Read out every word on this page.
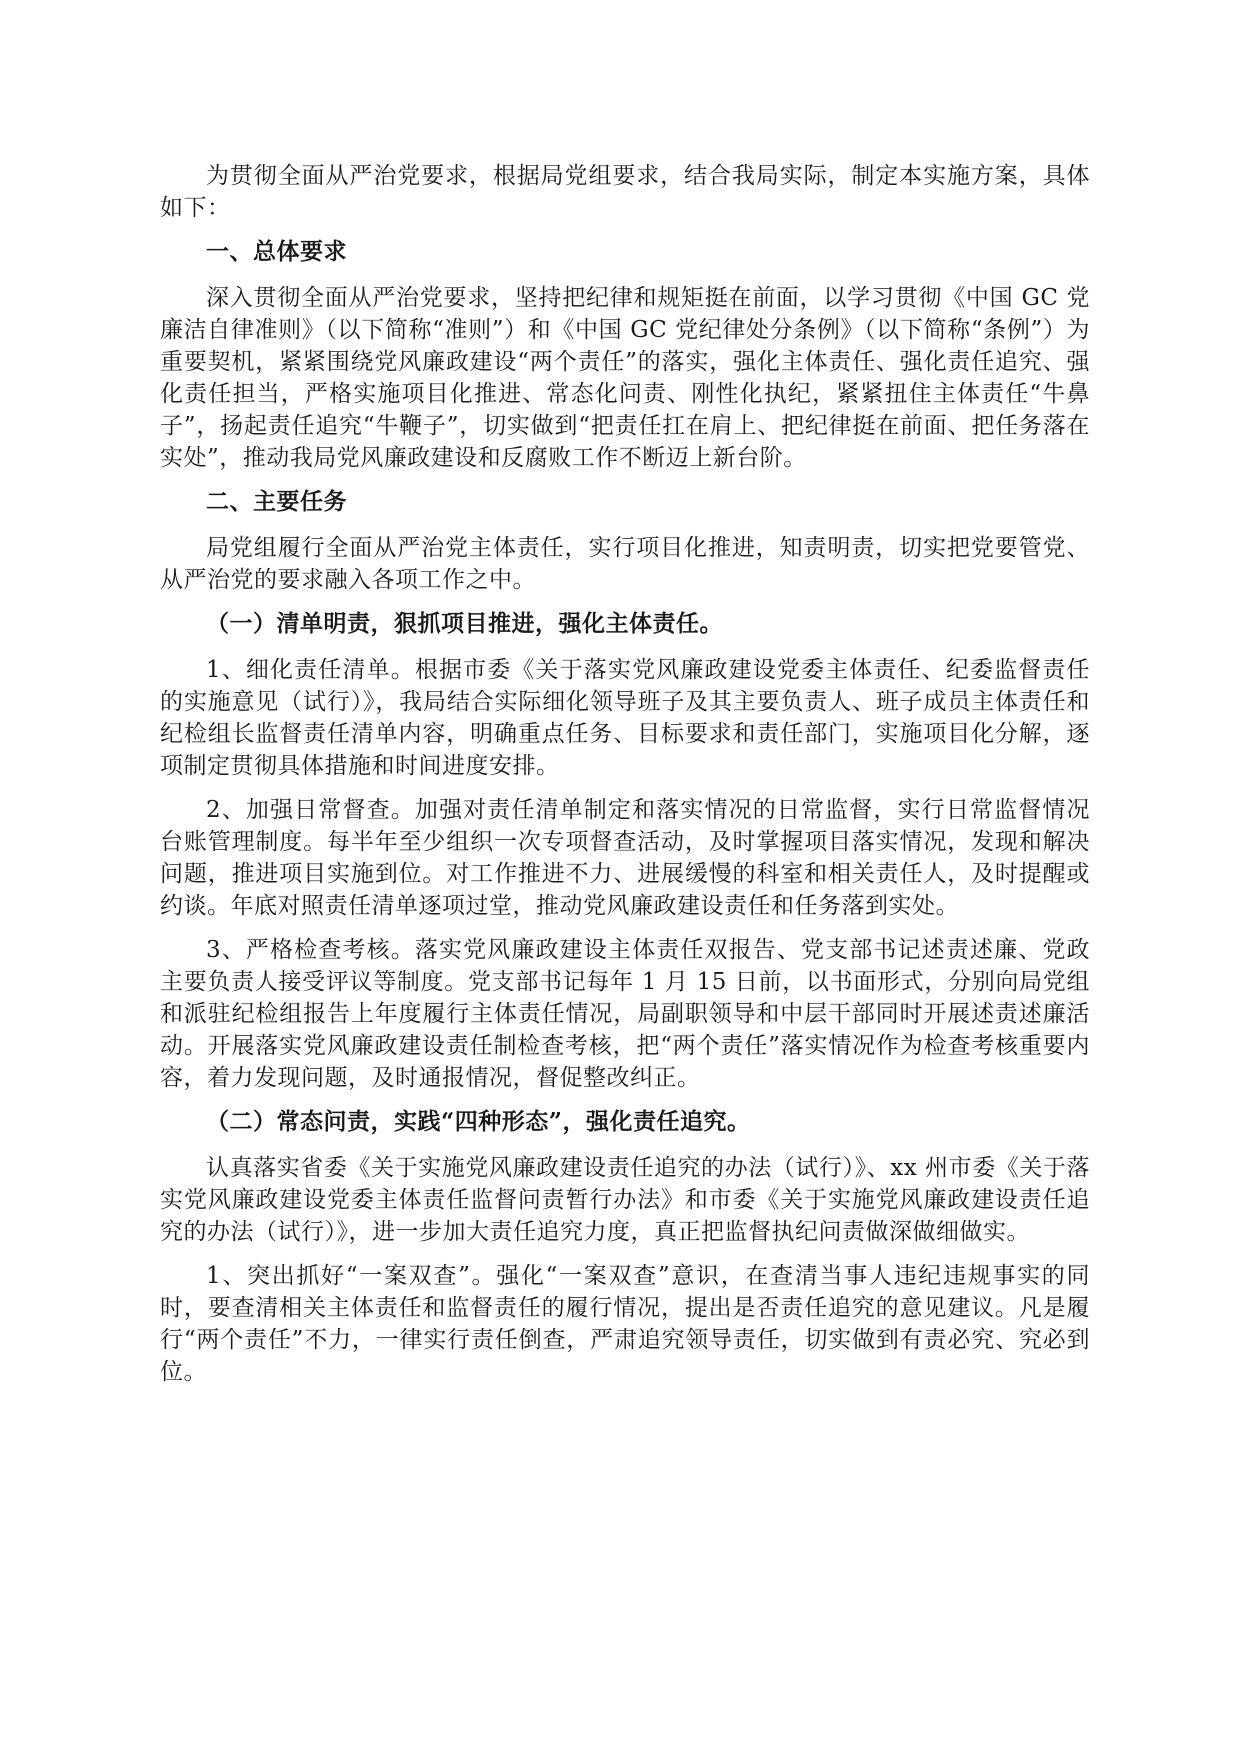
为贯彻全面从严治党要求，根据局党组要求，结合我局实际，制定本实施方案，具体如下：

一、总体要求

深入贯彻全面从严治党要求，坚持把纪律和规矩挺在前面，以学习贯彻《中国 GC 党廉洁自律准则》（以下简称“准则”）和《中国 GC 党纪律处分条例》（以下简称“条例”）为重要契机，紧紧围绕党风廉政建设“两个责任”的落实，强化主体责任、强化责任追究、强化责任担当，严格实施项目化推进、常态化问责、刚性化执纪，紧紧扭住主体责任“牛鼻子”，扬起责任追究“牛鞭子”，切实做到“把责任扛在肩上、把纪律挺在前面、把任务落在实处”，推动我局党风廉政建设和反腐败工作不断迈上新台阶。

二、主要任务

局党组履行全面从严治党主体责任，实行项目化推进，知责明责，切实把党要管党、从严治党的要求融入各项工作之中。

（一）清单明责，狠抓项目推进，强化主体责任。

1、细化责任清单。根据市委《关于落实党风廉政建设党委主体责任、纪委监督责任的实施意见（试行）》，我局结合实际细化领导班子及其主要负责人、班子成员主体责任和纪检组长监督责任清单内容，明确重点任务、目标要求和责任部门，实施项目化分解，逐项制定贯彻具体措施和时间进度安排。

2、加强日常督查。加强对责任清单制定和落实情况的日常监督，实行日常监督情况台账管理制度。每半年至少组织一次专项督查活动，及时掌握项目落实情况，发现和解决问题，推进项目实施到位。对工作推进不力、进展缓慢的科室和相关责任人，及时提醒或约谈。年底对照责任清单逐项过堂，推动党风廉政建设责任和任务落到实处。

3、严格检查考核。落实党风廉政建设主体责任双报告、党支部书记述责述廉、党政主要负责人接受评议等制度。党支部书记每年 1 月 15 日前，以书面形式，分别向局党组和派驻纪检组报告上年度履行主体责任情况，局副职领导和中层干部同时开展述责述廉活动。开展落实党风廉政建设责任制检查考核，把“两个责任”落实情况作为检查考核重要内容，着力发现问题，及时通报情况，督促整改纠正。

（二）常态问责，实践“四种形态”，强化责任追究。

认真落实省委《关于实施党风廉政建设责任追究的办法（试行）》、xx 州市委《关于落实党风廉政建设党委主体责任监督问责暂行办法》和市委《关于实施党风廉政建设责任追究的办法（试行）》，进一步加大责任追究力度，真正把监督执纪问责做深做细做实。

1、突出抓好“一案双查”。强化“一案双查”意识，在查清当事人违纪违规事实的同时，要查清相关主体责任和监督责任的履行情况，提出是否责任追究的意见建议。凡是履行“两个责任”不力，一律实行责任倒查，严肃追究领导责任，切实做到有责必究、究必到位。
